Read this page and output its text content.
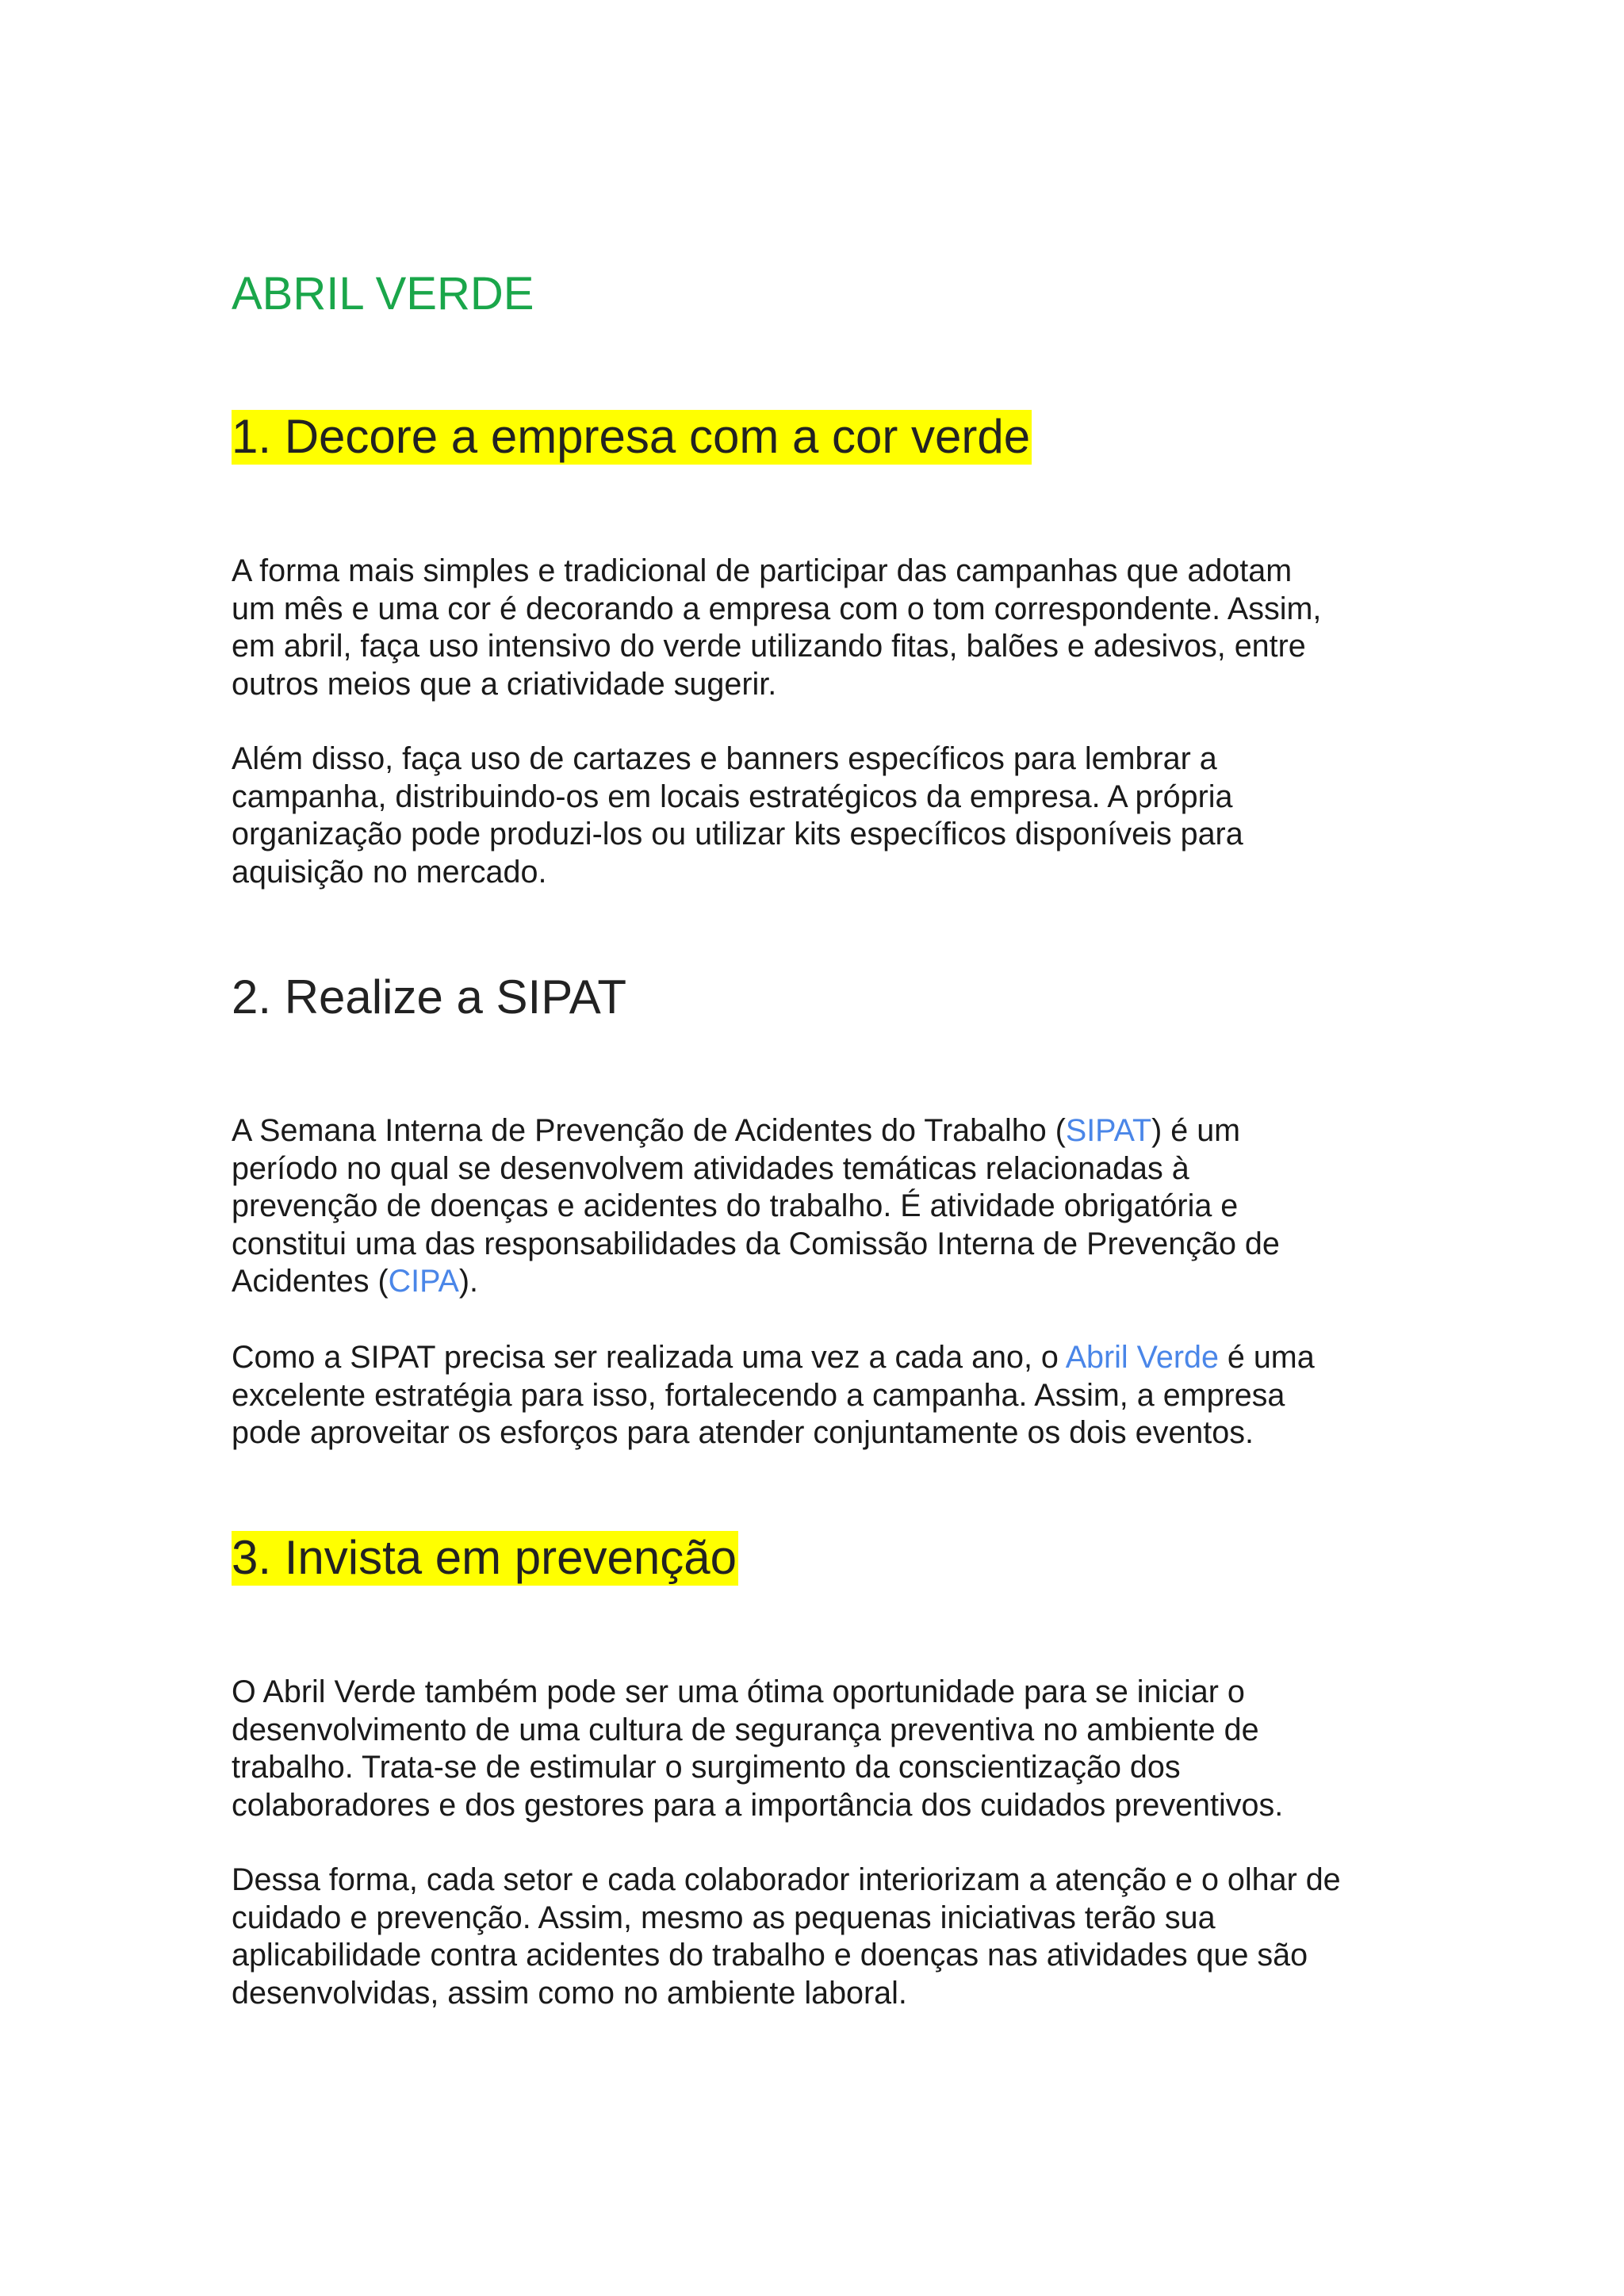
ABRIL VERDE
1. Decore a empresa com a cor verde

A forma mais simples e tradicional de participar das campanhas que adotam
um mês e uma cor é decorando a empresa com o tom correspondente. Assim,
em abril, faça uso intensivo do verde utilizando fitas, balões e adesivos, entre
outros meios que a criatividade sugerir.

Além disso, faça uso de cartazes e banners específicos para lembrar a
campanha, distribuindo-os em locais estratégicos da empresa. A própria
organização pode produzi-los ou utilizar kits específicos disponíveis para
aquisição no mercado.

2. Realize a SIPAT

A Semana Interna de Prevenção de Acidentes do Trabalho (SIPAT) é um
período no qual se desenvolvem atividades temáticas relacionadas à
prevenção de doenças e acidentes do trabalho. É atividade obrigatória e
constitui uma das responsabilidades da Comissão Interna de Prevenção de
Acidentes (CIPA).

Como a SIPAT precisa ser realizada uma vez a cada ano, o Abril Verde é uma
excelente estratégia para isso, fortalecendo a campanha. Assim, a empresa
pode aproveitar os esforços para atender conjuntamente os dois eventos.

3. Invista em prevenção

O Abril Verde também pode ser uma ótima oportunidade para se iniciar o
desenvolvimento de uma cultura de segurança preventiva no ambiente de
trabalho. Trata-se de estimular o surgimento da conscientização dos
colaboradores e dos gestores para a importância dos cuidados preventivos.

Dessa forma, cada setor e cada colaborador interiorizam a atenção e o olhar de
cuidado e prevenção. Assim, mesmo as pequenas iniciativas terão sua
aplicabilidade contra acidentes do trabalho e doenças nas atividades que são
desenvolvidas, assim como no ambiente laboral.
